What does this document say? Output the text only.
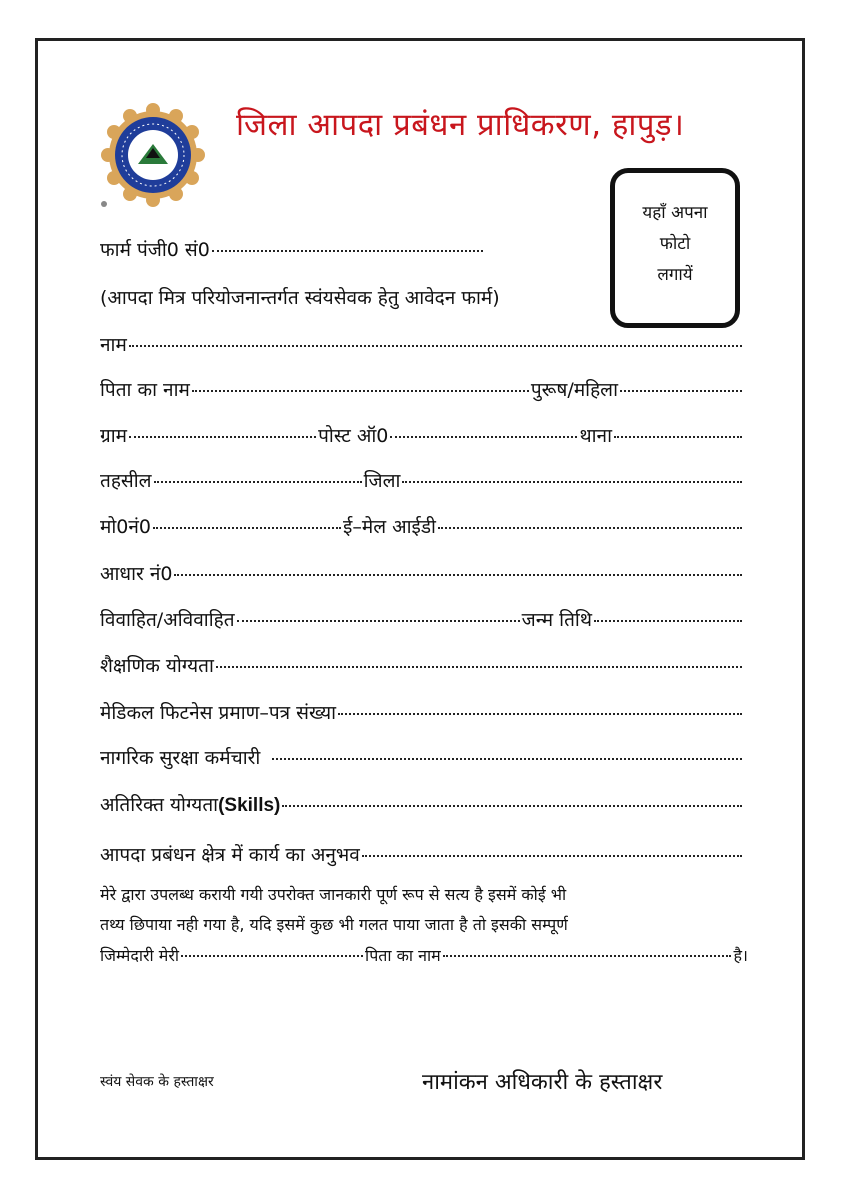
जिला आपदा प्रबंधन प्राधिकरण, हापुड़।
यहाँ अपना
फोटो
लगायें
फार्म पंजी0 सं0
(आपदा मित्र परियोजनान्तर्गत स्वंयसेवक हेतु आवेदन फार्म)
नाम
पिता का नाम	पुरूष/महिला
ग्राम	पोस्ट ऑ0	थाना
तहसील	जिला
मो0नं0	ई–मेल आईडी
आधार नं0
विवाहित/अविवाहित	जन्म तिथि
शैक्षणिक योग्यता
मेडिकल फिटनेस प्रमाण–पत्र संख्या
नागरिक सुरक्षा कर्मचारी
अतिरिक्त योग्यता (Skills)
आपदा प्रबंधन क्षेत्र में कार्य का अनुभव
मेरे द्वारा उपलब्ध करायी गयी उपरोक्त जानकारी पूर्ण रूप से सत्य है इसमें कोई भी
तथ्य छिपाया नही गया है, यदि इसमें कुछ भी गलत पाया जाता है तो इसकी सम्पूर्ण
जिम्मेदारी मेरी	पिता का नाम	है।
स्वंय सेवक के हस्ताक्षर	नामांकन अधिकारी के हस्ताक्षर
